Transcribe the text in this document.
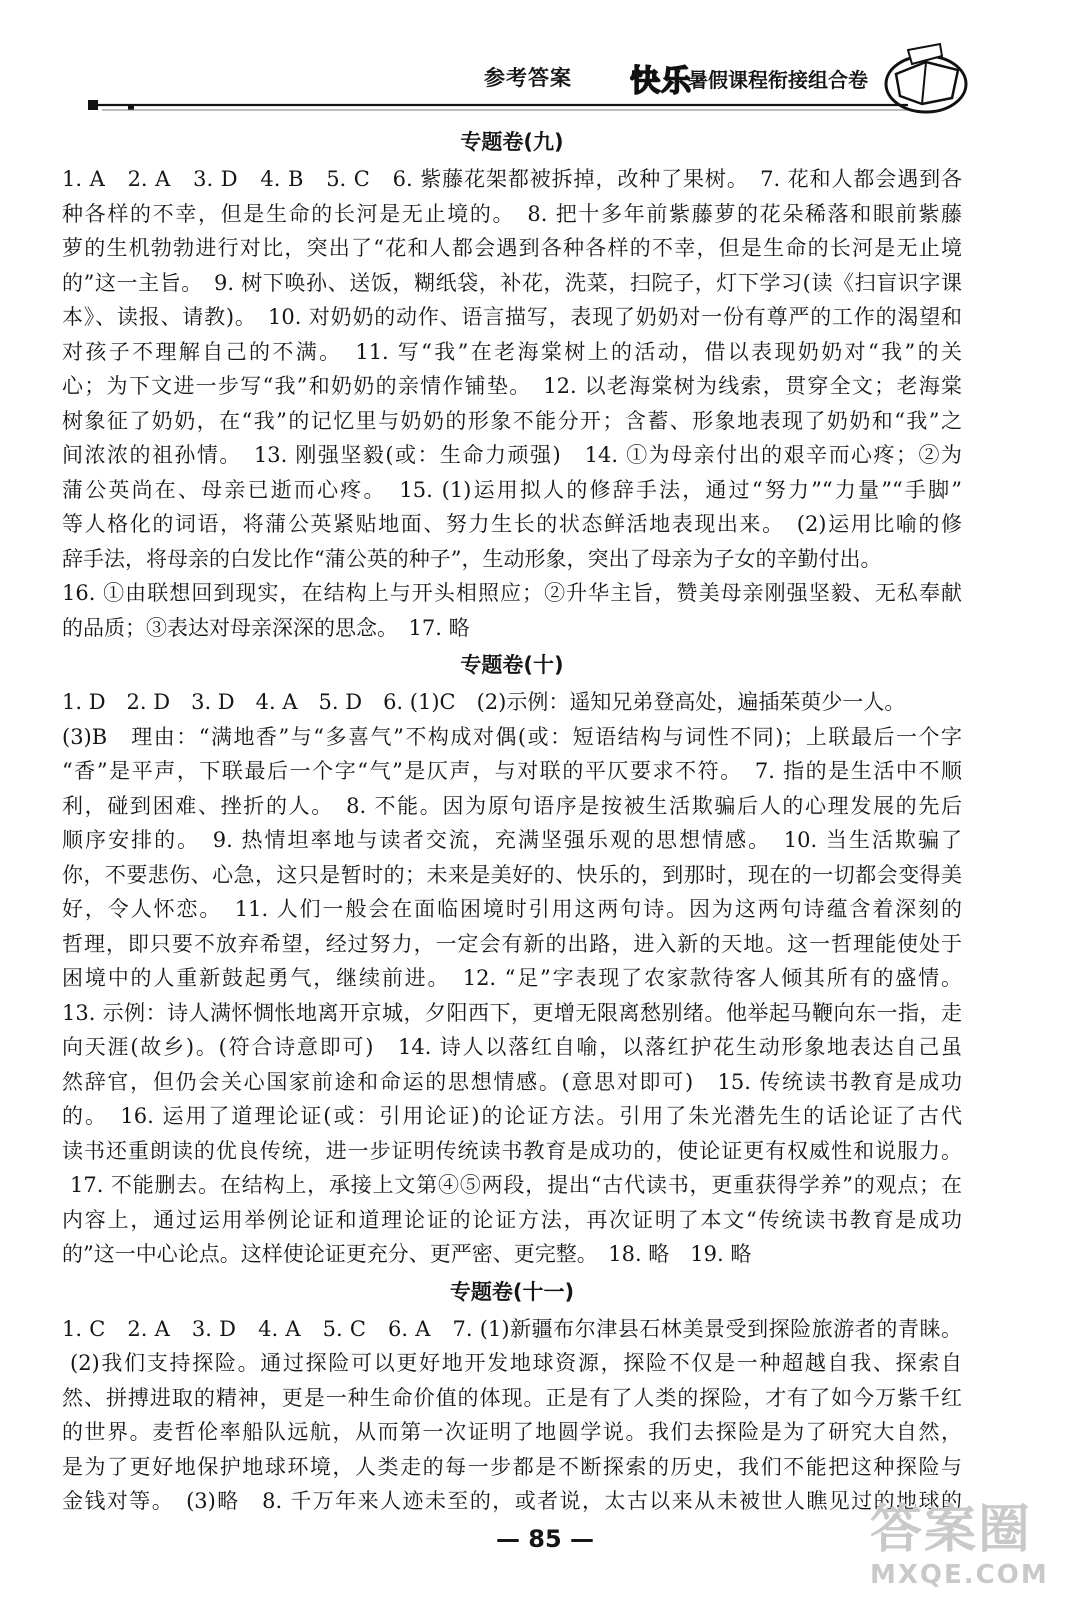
参考答案 快乐
暑假课程衔接组合卷
专题卷(九)
1. A　2. A　3. D　4. B　5. C　6. 紫藤花架都被拆掉，改种了果树。　7. 花和人都会遇到各
种各样的不幸，但是生命的长河是无止境的。　8. 把十多年前紫藤萝的花朵稀落和眼前紫藤
萝的生机勃勃进行对比，突出了“花和人都会遇到各种各样的不幸，但是生命的长河是无止境
的”这一主旨。　9. 树下唤孙、送饭，糊纸袋，补花，洗菜，扫院子，灯下学习(读《扫盲识字课
本》、读报、请教)。　10. 对奶奶的动作、语言描写，表现了奶奶对一份有尊严的工作的渴望和
对孩子不理解自己的不满。　11. 写“我”在老海棠树上的活动，借以表现奶奶对“我”的关
心；为下文进一步写“我”和奶奶的亲情作铺垫。　12. 以老海棠树为线索，贯穿全文；老海棠
树象征了奶奶，在“我”的记忆里与奶奶的形象不能分开；含蓄、形象地表现了奶奶和“我”之
间浓浓的祖孙情。　13. 刚强坚毅(或：生命力顽强)　14. ①为母亲付出的艰辛而心疼；②为
蒲公英尚在、母亲已逝而心疼。　15. (1)运用拟人的修辞手法，通过“努力”“力量”“手脚”
等人格化的词语，将蒲公英紧贴地面、努力生长的状态鲜活地表现出来。　(2)运用比喻的修
辞手法，将母亲的白发比作“蒲公英的种子”，生动形象，突出了母亲为子女的辛勤付出。
16. ①由联想回到现实，在结构上与开头相照应；②升华主旨，赞美母亲刚强坚毅、无私奉献
的品质；③表达对母亲深深的思念。　17. 略
专题卷(十)
1. D　2. D　3. D　4. A　5. D　6. (1)C　(2)示例：遥知兄弟登高处，遍插茱萸少一人。
(3)B　理由：“满地香”与“多喜气”不构成对偶(或：短语结构与词性不同)；上联最后一个字
“香”是平声，下联最后一个字“气”是仄声，与对联的平仄要求不符。　7. 指的是生活中不顺
利，碰到困难、挫折的人。　8. 不能。因为原句语序是按被生活欺骗后人的心理发展的先后
顺序安排的。　9. 热情坦率地与读者交流，充满坚强乐观的思想情感。　10. 当生活欺骗了
你，不要悲伤、心急，这只是暂时的；未来是美好的、快乐的，到那时，现在的一切都会变得美
好，令人怀恋。　11. 人们一般会在面临困境时引用这两句诗。因为这两句诗蕴含着深刻的
哲理，即只要不放弃希望，经过努力，一定会有新的出路，进入新的天地。这一哲理能使处于
困境中的人重新鼓起勇气，继续前进。　12. “足”字表现了农家款待客人倾其所有的盛情。
13. 示例：诗人满怀惆怅地离开京城，夕阳西下，更增无限离愁别绪。他举起马鞭向东一指，走
向天涯(故乡)。(符合诗意即可)　14. 诗人以落红自喻，以落红护花生动形象地表达自己虽
然辞官，但仍会关心国家前途和命运的思想情感。(意思对即可)　15. 传统读书教育是成功
的。　16. 运用了道理论证(或：引用论证)的论证方法。引用了朱光潜先生的话论证了古代
读书还重朗读的优良传统，进一步证明传统读书教育是成功的，使论证更有权威性和说服力。
17. 不能删去。在结构上，承接上文第④⑤两段，提出“古代读书，更重获得学养”的观点；在
内容上，通过运用举例论证和道理论证的论证方法，再次证明了本文“传统读书教育是成功
的”这一中心论点。这样使论证更充分、更严密、更完整。　18. 略　19. 略
专题卷(十一)
1. C　2. A　3. D　4. A　5. C　6. A　7. (1)新疆布尔津县石林美景受到探险旅游者的青睐。
(2)我们支持探险。通过探险可以更好地开发地球资源，探险不仅是一种超越自我、探索自
然、拼搏进取的精神，更是一种生命价值的体现。正是有了人类的探险，才有了如今万紫千红
的世界。麦哲伦率船队远航，从而第一次证明了地圆学说。我们去探险是为了研究大自然，
是为了更好地保护地球环境，人类走的每一步都是不断探索的历史，我们不能把这种探险与
金钱对等。　(3)略　8. 千万年来人迹未至的，或者说，太古以来从未被世人瞧见过的地球的
— 85 —	答案圈
MXQE.COM
